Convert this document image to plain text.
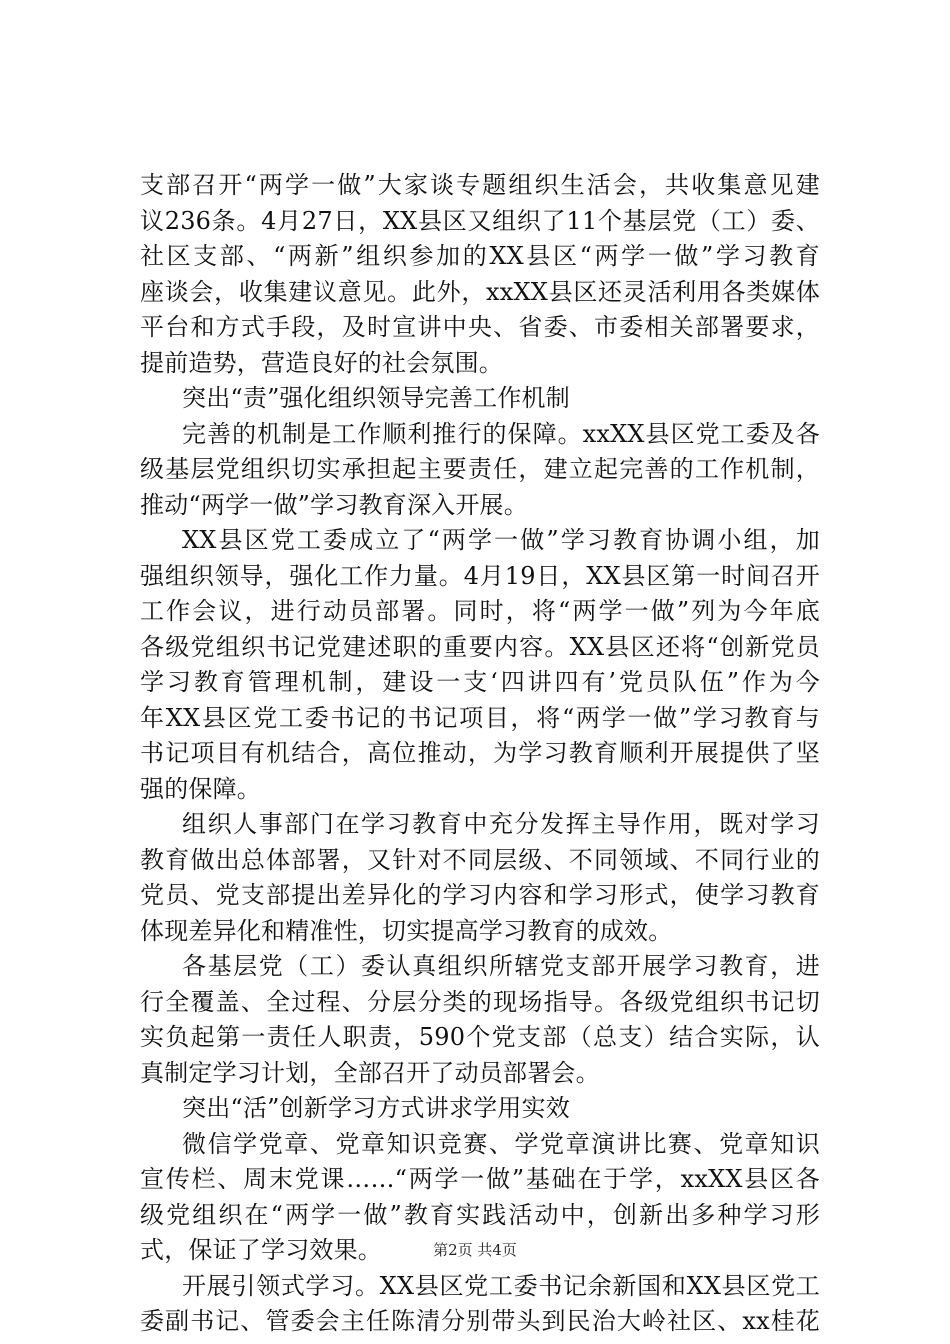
支部召开“两学一做”大家谈专题组织生活会，共收集意见建
议236条。4月27日，XX县区又组织了11个基层党（工）委、
社区支部、“两新”组织参加的XX县区“两学一做”学习教育
座谈会，收集建议意见。此外，xxXX县区还灵活利用各类媒体
平台和方式手段，及时宣讲中央、省委、市委相关部署要求，
提前造势，营造良好的社会氛围。
突出“责”强化组织领导完善工作机制
完善的机制是工作顺利推行的保障。xxXX县区党工委及各
级基层党组织切实承担起主要责任，建立起完善的工作机制，
推动“两学一做”学习教育深入开展。
XX县区党工委成立了“两学一做”学习教育协调小组，加
强组织领导，强化工作力量。4月19日，XX县区第一时间召开
工作会议，进行动员部署。同时，将“两学一做”列为今年底
各级党组织书记党建述职的重要内容。XX县区还将“创新党员
学习教育管理机制，建设一支‘四讲四有’党员队伍”作为今
年XX县区党工委书记的书记项目，将“两学一做”学习教育与
书记项目有机结合，高位推动，为学习教育顺利开展提供了坚
强的保障。
组织人事部门在学习教育中充分发挥主导作用，既对学习
教育做出总体部署，又针对不同层级、不同领域、不同行业的
党员、党支部提出差异化的学习内容和学习形式，使学习教育
体现差异化和精准性，切实提高学习教育的成效。
各基层党（工）委认真组织所辖党支部开展学习教育，进
行全覆盖、全过程、分层分类的现场指导。各级党组织书记切
实负起第一责任人职责，590个党支部（总支）结合实际，认
真制定学习计划，全部召开了动员部署会。
突出“活”创新学习方式讲求学用实效
微信学党章、党章知识竞赛、学党章演讲比赛、党章知识
宣传栏、周末党课……“两学一做”基础在于学，xxXX县区各
级党组织在“两学一做”教育实践活动中，创新出多种学习形
式，保证了学习效果。
开展引领式学习。XX县区党工委书记余新国和XX县区党工
委副书记、管委会主任陈清分别带头到民治大岭社区、xx桂花
第2页 共4页
